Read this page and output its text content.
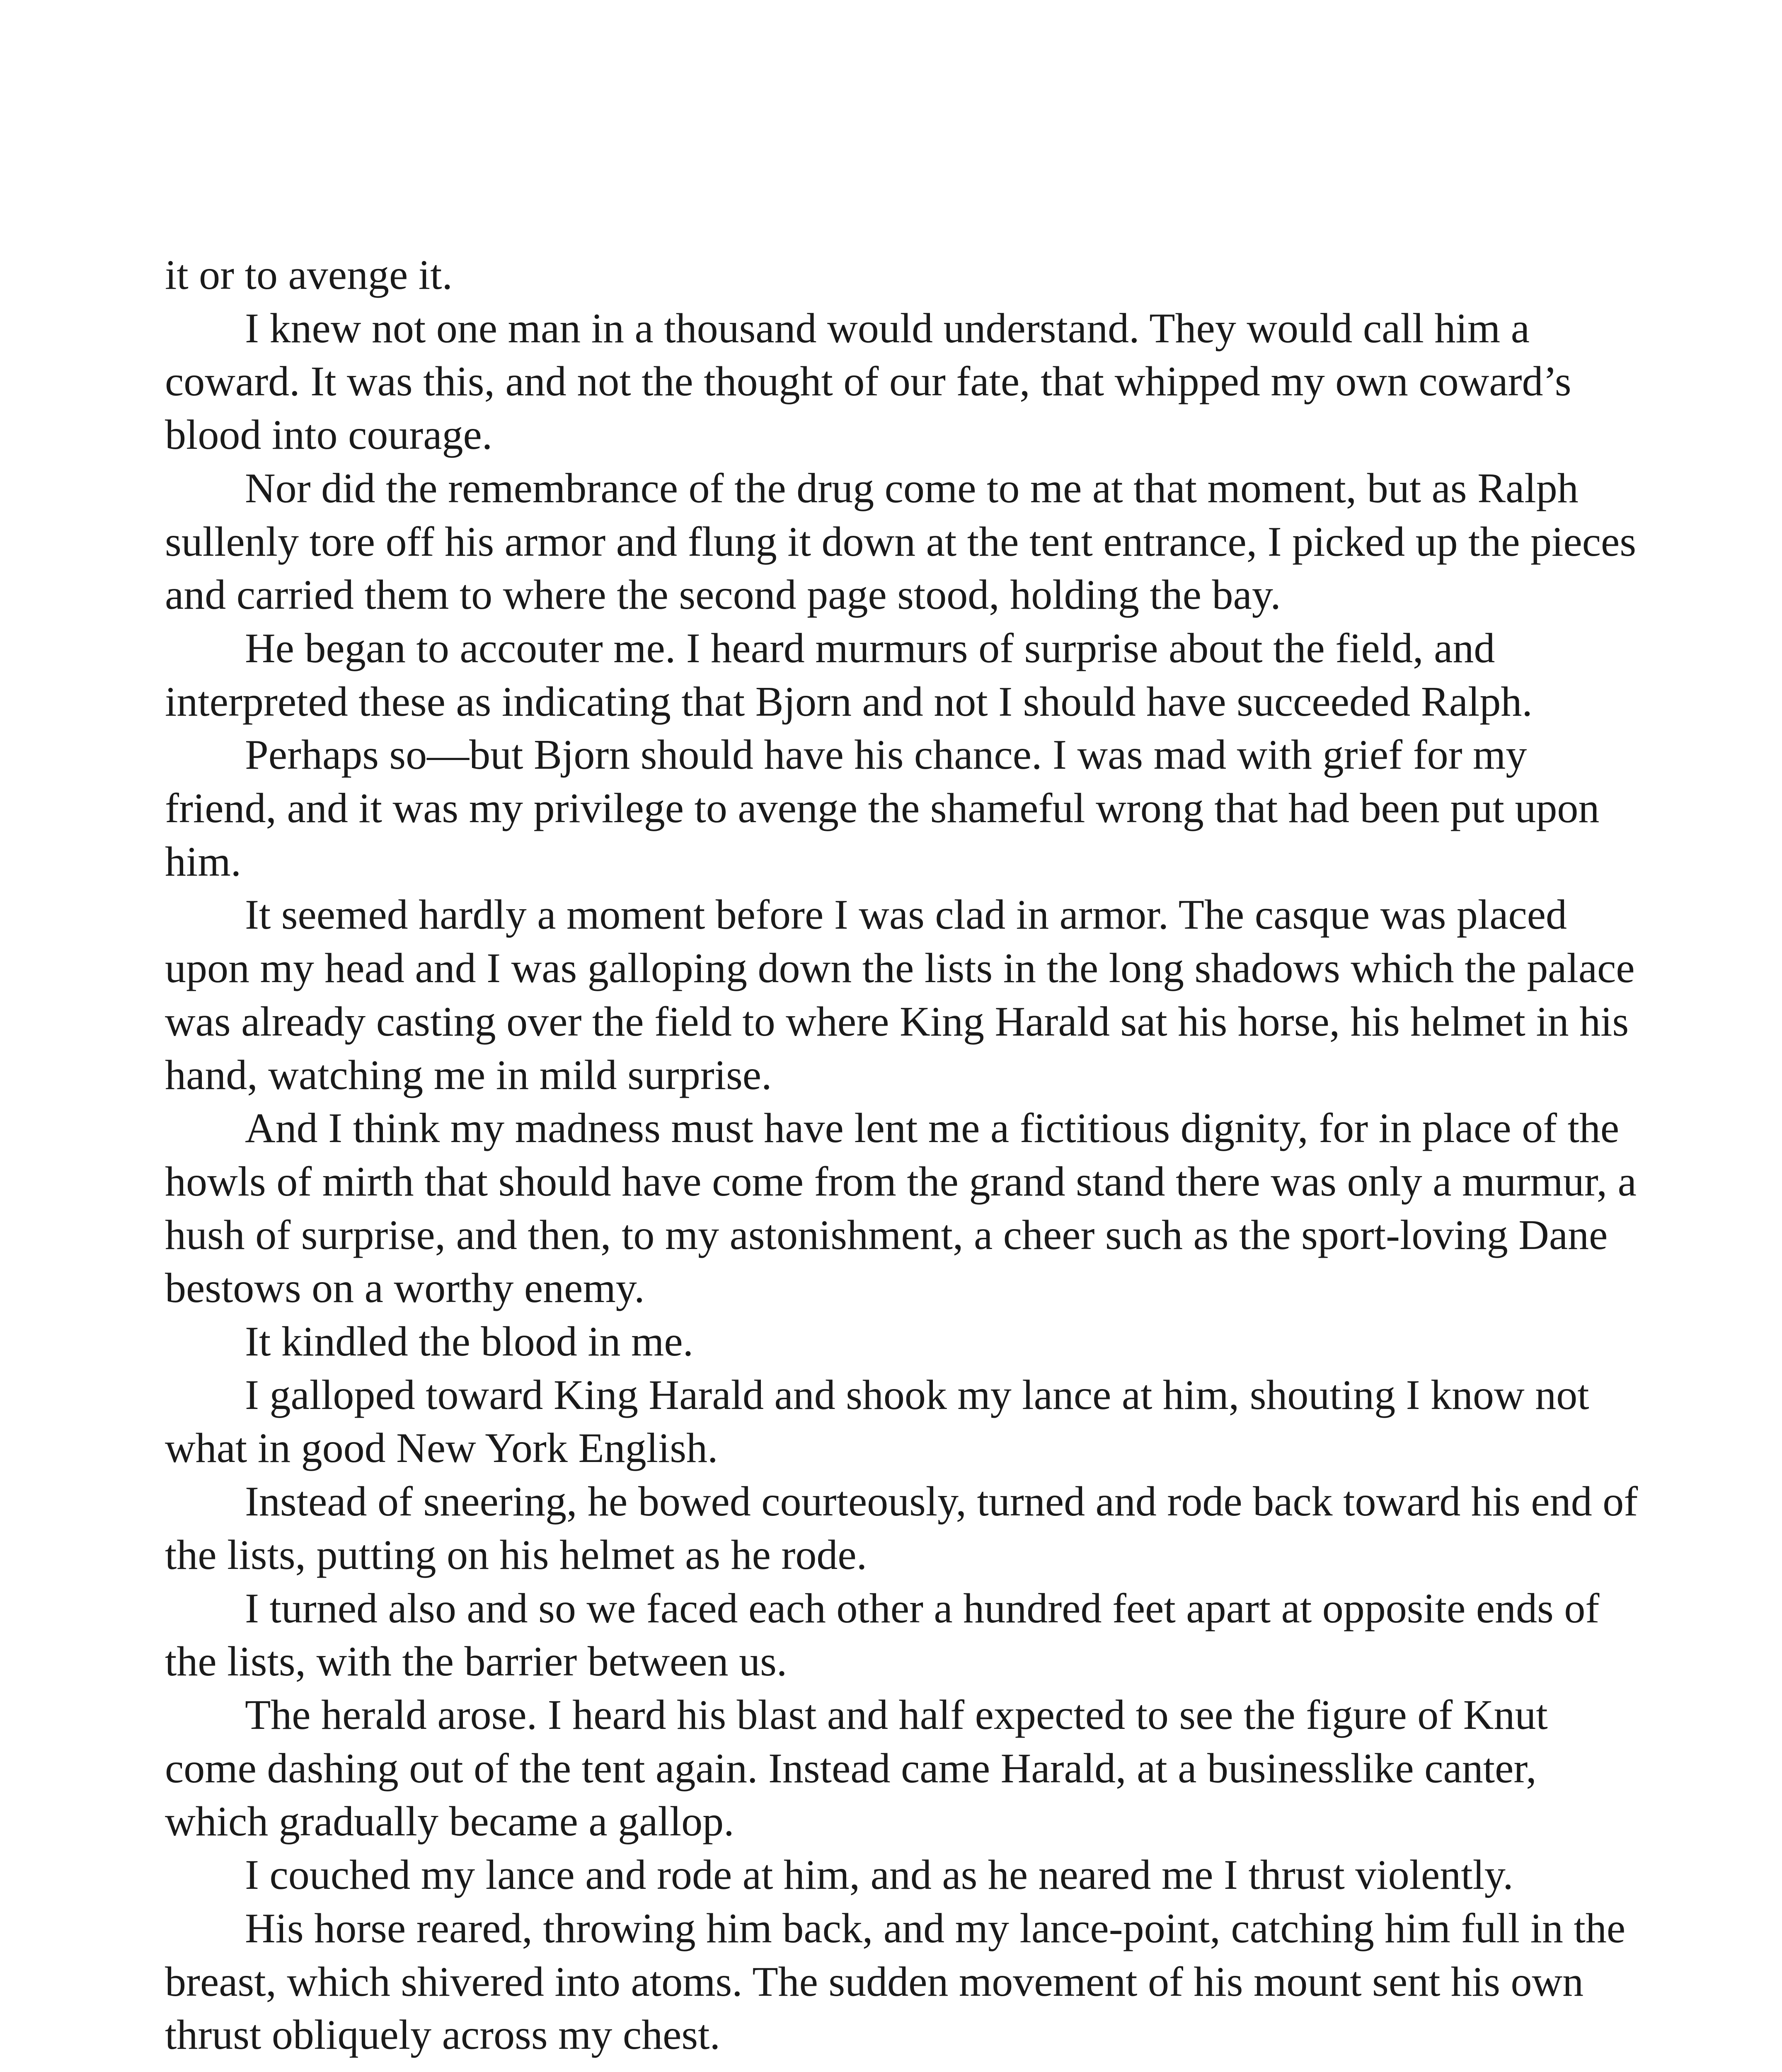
it or to avenge it.

I knew not one man in a thousand would understand. They would call him a coward. It was this, and not the thought of our fate, that whipped my own coward’s blood into courage.

Nor did the remembrance of the drug come to me at that moment, but as Ralph sullenly tore off his armor and flung it down at the tent entrance, I picked up the pieces and carried them to where the second page stood, holding the bay.

He began to accouter me. I heard murmurs of surprise about the field, and interpreted these as indicating that Bjorn and not I should have succeeded Ralph.

Perhaps so—but Bjorn should have his chance. I was mad with grief for my friend, and it was my privilege to avenge the shameful wrong that had been put upon him.

It seemed hardly a moment before I was clad in armor. The casque was placed upon my head and I was galloping down the lists in the long shadows which the palace was already casting over the field to where King Harald sat his horse, his helmet in his hand, watching me in mild surprise.

And I think my madness must have lent me a fictitious dignity, for in place of the howls of mirth that should have come from the grand stand there was only a murmur, a hush of surprise, and then, to my astonishment, a cheer such as the sport-loving Dane bestows on a worthy enemy.

It kindled the blood in me.

I galloped toward King Harald and shook my lance at him, shouting I know not what in good New York English.

Instead of sneering, he bowed courteously, turned and rode back toward his end of the lists, putting on his helmet as he rode.

I turned also and so we faced each other a hundred feet apart at opposite ends of the lists, with the barrier between us.

The herald arose. I heard his blast and half expected to see the figure of Knut come dashing out of the tent again. Instead came Harald, at a businesslike canter, which gradually became a gallop.

I couched my lance and rode at him, and as he neared me I thrust violently.

His horse reared, throwing him back, and my lance-point, catching him full in the breast, which shivered into atoms. The sudden movement of his mount sent his own thrust obliquely across my chest.
